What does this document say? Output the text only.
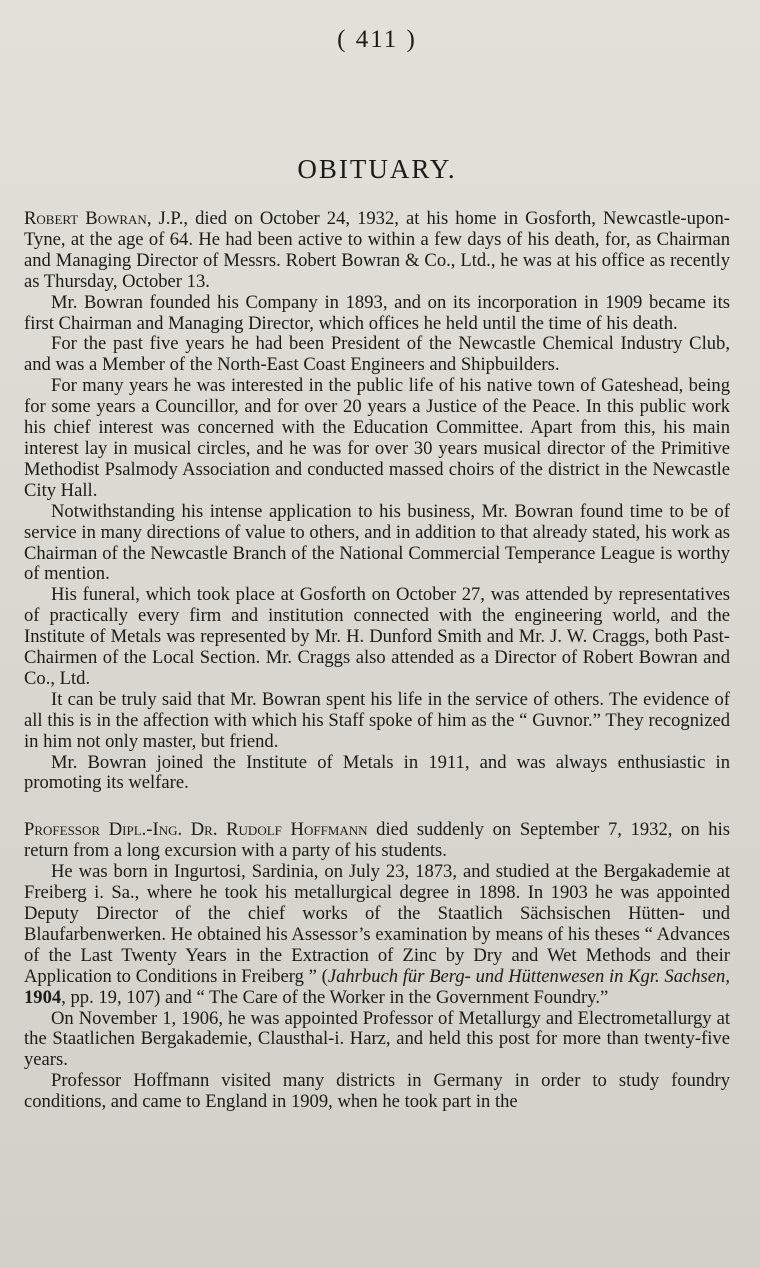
( 411 )
OBITUARY.

Robert Bowran, J.P., died on October 24, 1932, at his home in Gosforth, Newcastle-upon-Tyne, at the age of 64. He had been active to within a few days of his death, for, as Chairman and Managing Director of Messrs. Robert Bowran & Co., Ltd., he was at his office as recently as Thursday, October 13.

Mr. Bowran founded his Company in 1893, and on its incorporation in 1909 became its first Chairman and Managing Director, which offices he held until the time of his death.

For the past five years he had been President of the Newcastle Chemical Industry Club, and was a Member of the North-East Coast Engineers and Shipbuilders.

For many years he was interested in the public life of his native town of Gateshead, being for some years a Councillor, and for over 20 years a Justice of the Peace. In this public work his chief interest was concerned with the Education Committee. Apart from this, his main interest lay in musical circles, and he was for over 30 years musical director of the Primitive Methodist Psalmody Association and conducted massed choirs of the district in the Newcastle City Hall.

Notwithstanding his intense application to his business, Mr. Bowran found time to be of service in many directions of value to others, and in addition to that already stated, his work as Chairman of the Newcastle Branch of the National Commercial Temperance League is worthy of mention.

His funeral, which took place at Gosforth on October 27, was attended by representatives of practically every firm and institution connected with the engineering world, and the Institute of Metals was represented by Mr. H. Dunford Smith and Mr. J. W. Craggs, both Past-Chairmen of the Local Section. Mr. Craggs also attended as a Director of Robert Bowran and Co., Ltd.

It can be truly said that Mr. Bowran spent his life in the service of others. The evidence of all this is in the affection with which his Staff spoke of him as the “ Guvnor.” They recognized in him not only master, but friend.

Mr. Bowran joined the Institute of Metals in 1911, and was always enthusiastic in promoting its welfare.

Professor Dipl.-Ing. Dr. Rudolf Hoffmann died suddenly on September 7, 1932, on his return from a long excursion with a party of his students.

He was born in Ingurtosi, Sardinia, on July 23, 1873, and studied at the Bergakademie at Freiberg i. Sa., where he took his metallurgical degree in 1898. In 1903 he was appointed Deputy Director of the chief works of the Staatlich Sächsischen Hütten- und Blaufarbenwerken. He obtained his Assessor’s examination by means of his theses “ Advances of the Last Twenty Years in the Extraction of Zinc by Dry and Wet Methods and their Application to Conditions in Freiberg ” (Jahrbuch für Berg- und Hüttenwesen in Kgr. Sachsen, 1904, pp. 19, 107) and “ The Care of the Worker in the Government Foundry.”

On November 1, 1906, he was appointed Professor of Metallurgy and Electrometallurgy at the Staatlichen Bergakademie, Clausthal-i. Harz, and held this post for more than twenty-five years.

Professor Hoffmann visited many districts in Germany in order to study foundry conditions, and came to England in 1909, when he took part in the
